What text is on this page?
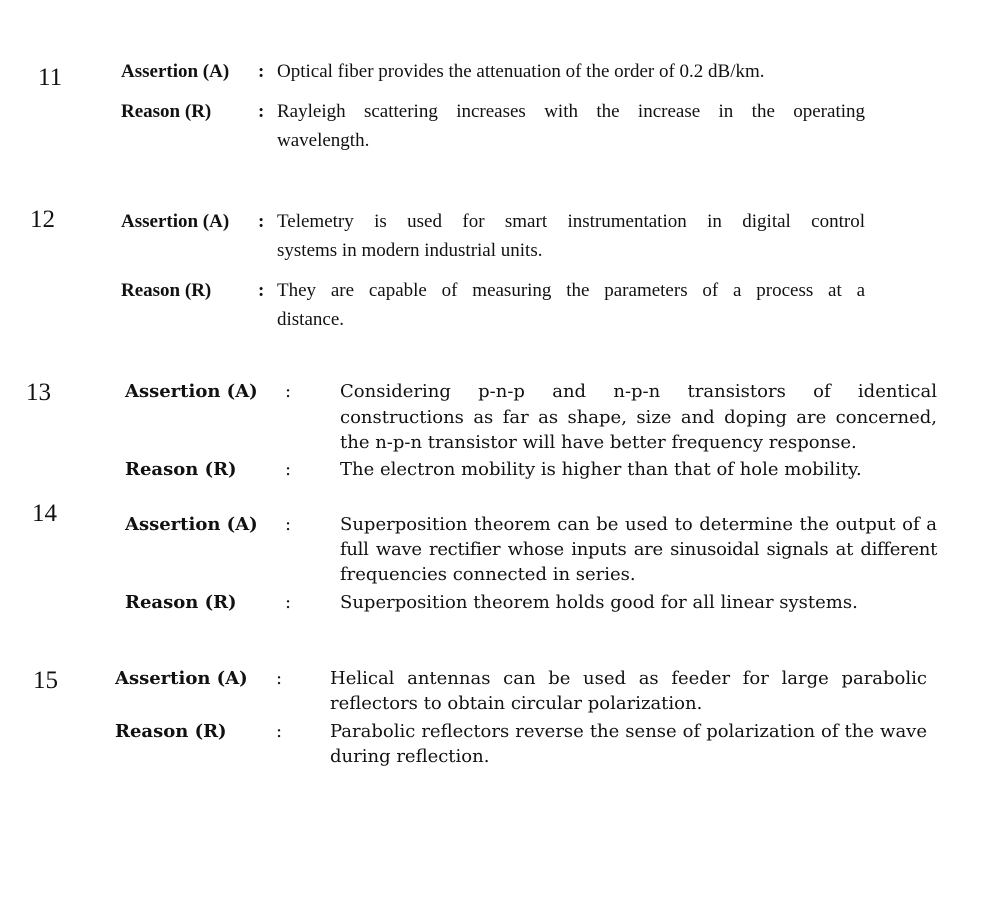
11	Assertion (A) : Optical fiber provides the attenuation of the order of 0.2 dB/km.
Reason (R) : Rayleigh scattering increases with the increase in the operating
wavelength.
12	Assertion (A) : Telemetry is used for smart instrumentation in digital control
systems in modern industrial units.
Reason (R) : They are capable of measuring the parameters of a process at a
distance.
13	Assertion (A) :	Considering p-n-p and n-p-n transistors of identical
constructions as far as shape, size and doping are concerned,
the n-p-n transistor will have better frequency response.
Reason (R)	:	The electron mobility is higher than that of hole mobility.
14	Assertion (A) :	Superposition theorem can be used to determine the output of a
full wave rectifier whose inputs are sinusoidal signals at different
frequencies connected in series.
Reason (R)	:	Superposition theorem holds good for all linear systems.
15	Assertion (A) :	Helical antennas can be used as feeder for large parabolic
reflectors to obtain circular polarization.
Reason (R)	:	Parabolic reflectors reverse the sense of polarization of the wave
during reflection.
